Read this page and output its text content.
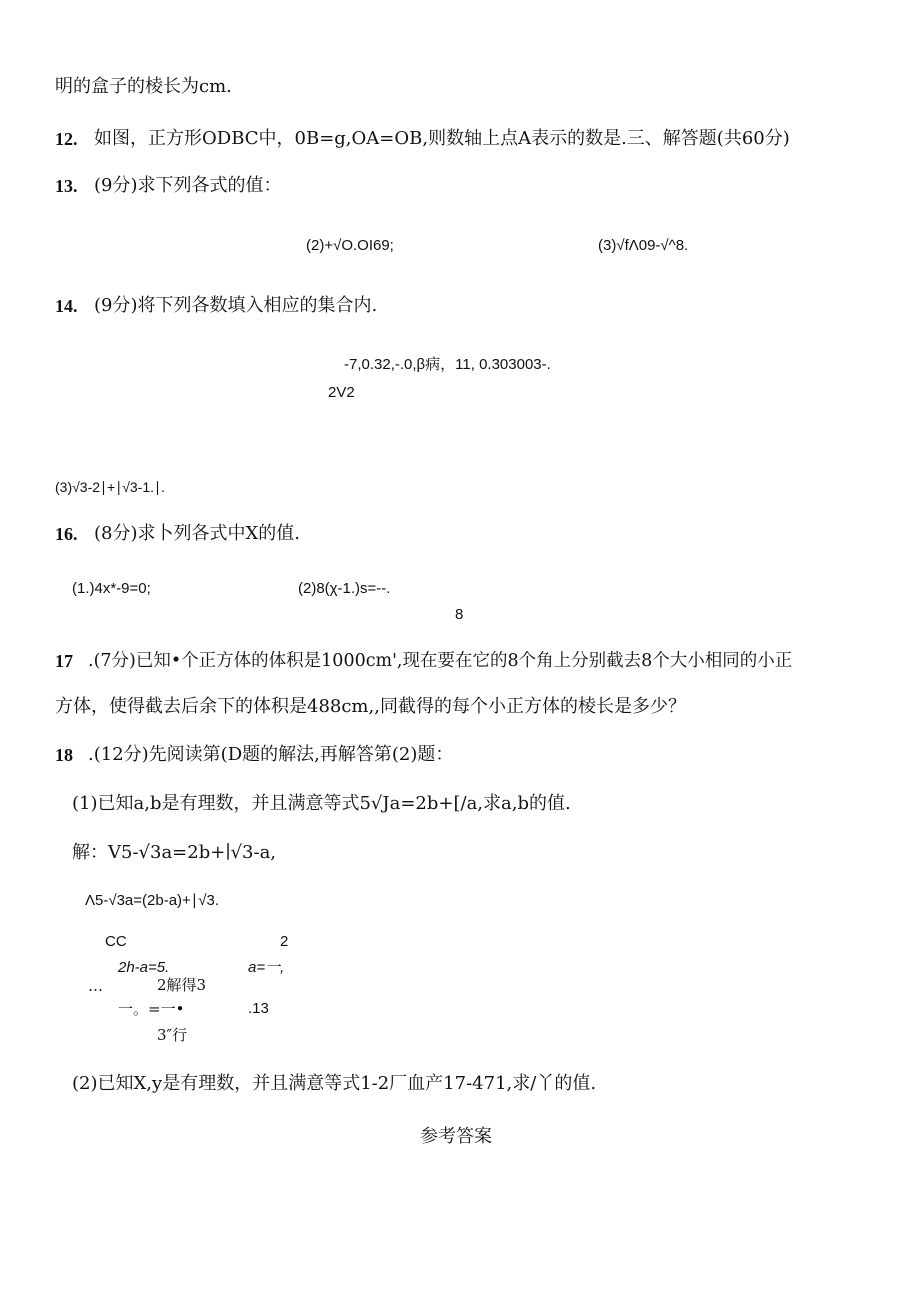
明的盒子的棱长为cm.
12. 如图，正方形ODBC中，0B=g,OA=OB,则数轴上点A表示的数是.三、解答题(共60分)
13. (9分)求下列各式的值：
(2)+√O.OI69;	(3)√fΛ09-√^8.
14. (9分)将下列各数填入相应的集合内.
-7,0.32,-.0,β病，11, 0.303003-.
2V2
(3)√3-2∣+∣√3-1.∣.
16. (8分)求卜列各式中X的值.
(1.)4x*-9=0;	(2)8(χ-1.)s=--.
8
17 .(7分)已知•个正方体的体积是1000cm',现在要在它的8个角上分别截去8个大小相同的小正
方体，使得截去后余下的体积是488cm,,同截得的每个小正方体的棱长是多少？
18 .(12分)先阅读第(D题的解法,再解答第(2)题：
(1)已知a,b是有理数，并且满意等式5√Ja=2b+[/a,求a,b的值.
解：V5-√3a=2b+∣√3-a,
Λ5-√3a=(2b-a)+∣√3.
CC	2
2h-a=5.	a=一,
…	2解得3
一。=一•	.13
3″行
(2)已知X,y是有理数，并且满意等式1-2厂血产17-471,求/丫的值.
参考答案
